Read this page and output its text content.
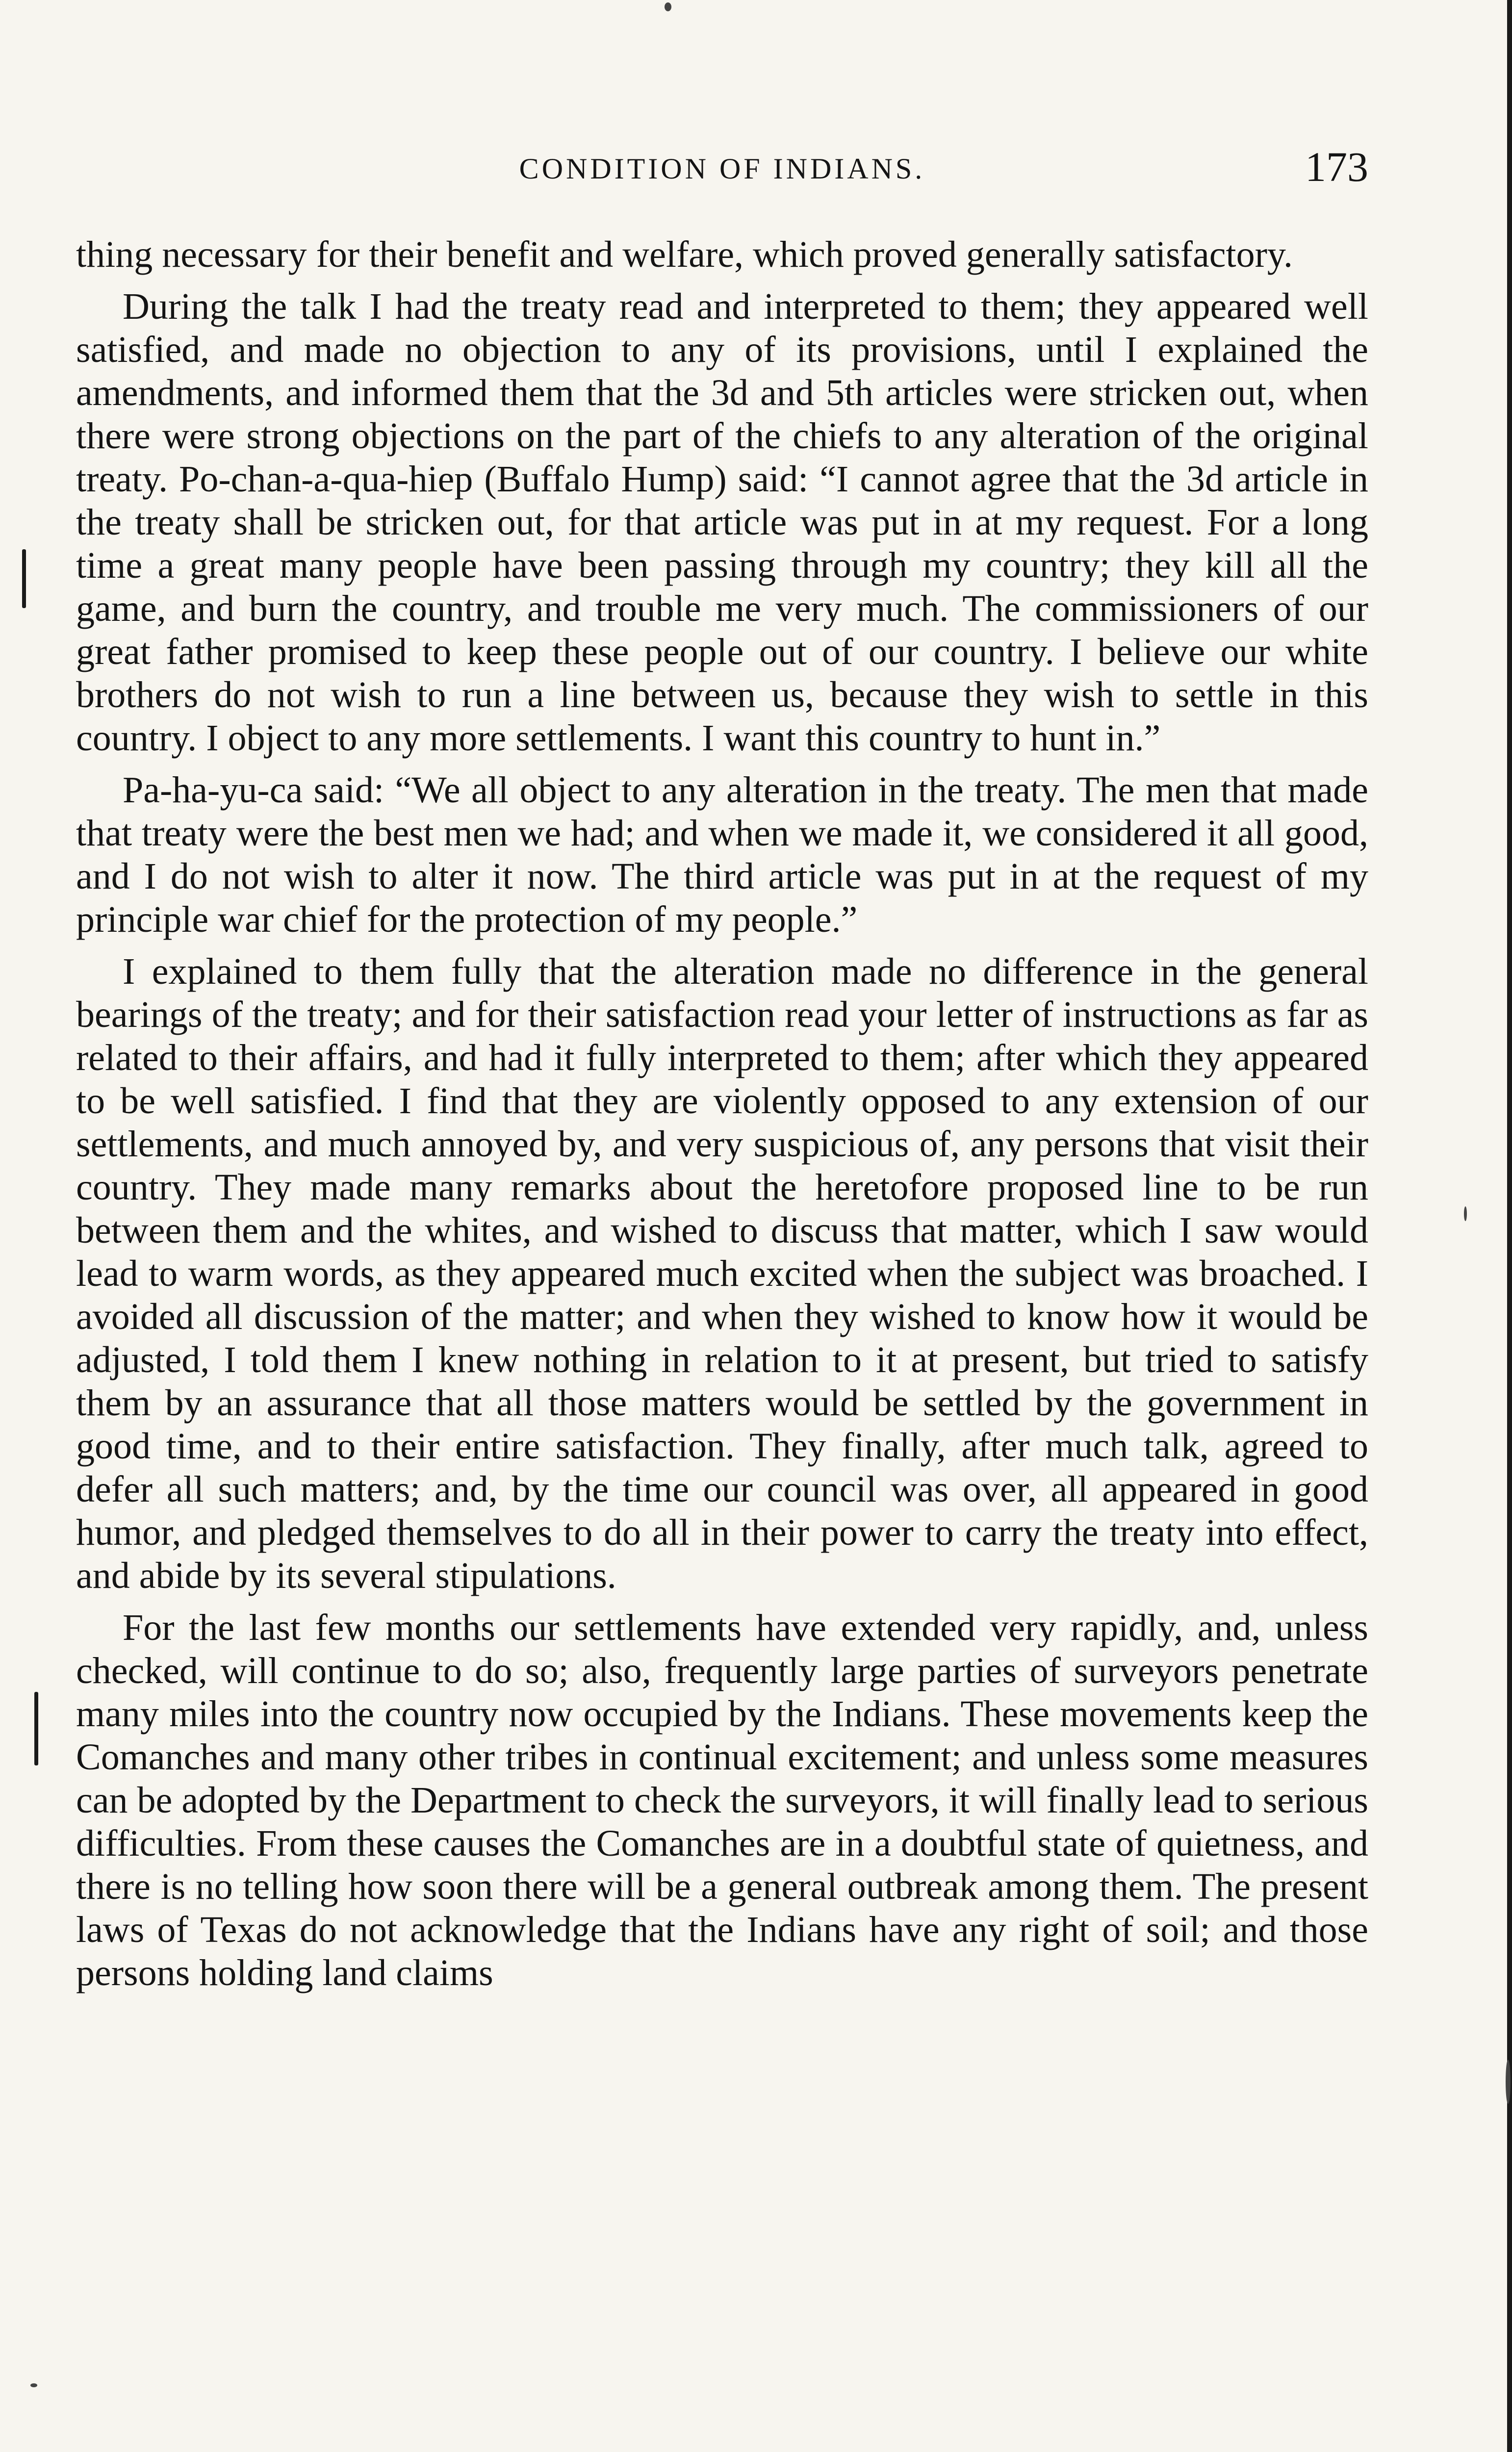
CONDITION OF INDIANS.	173

thing necessary for their benefit and welfare, which proved generally satisfactory.

During the talk I had the treaty read and interpreted to them; they appeared well satisfied, and made no objection to any of its provisions, until I explained the amendments, and informed them that the 3d and 5th articles were stricken out, when there were strong objections on the part of the chiefs to any alteration of the original treaty. Po-chan-a-qua-hiep (Buffalo Hump) said: “I cannot agree that the 3d article in the treaty shall be stricken out, for that article was put in at my request. For a long time a great many people have been passing through my country; they kill all the game, and burn the country, and trouble me very much. The commissioners of our great father promised to keep these people out of our country. I believe our white brothers do not wish to run a line between us, because they wish to settle in this country. I object to any more settlements. I want this country to hunt in.”

Pa-ha-yu-ca said: “We all object to any alteration in the treaty. The men that made that treaty were the best men we had; and when we made it, we considered it all good, and I do not wish to alter it now. The third article was put in at the request of my principle war chief for the protection of my people.”

I explained to them fully that the alteration made no difference in the general bearings of the treaty; and for their satisfaction read your letter of instructions as far as related to their affairs, and had it fully interpreted to them; after which they appeared to be well satisfied. I find that they are violently opposed to any extension of our settlements, and much annoyed by, and very suspicious of, any persons that visit their country. They made many remarks about the heretofore proposed line to be run between them and the whites, and wished to discuss that matter, which I saw would lead to warm words, as they appeared much excited when the subject was broached. I avoided all discussion of the matter; and when they wished to know how it would be adjusted, I told them I knew nothing in relation to it at present, but tried to satisfy them by an assurance that all those matters would be settled by the government in good time, and to their entire satisfaction. They finally, after much talk, agreed to defer all such matters; and, by the time our council was over, all appeared in good humor, and pledged themselves to do all in their power to carry the treaty into effect, and abide by its several stipulations.

For the last few months our settlements have extended very rapidly, and, unless checked, will continue to do so; also, frequently large parties of surveyors penetrate many miles into the country now occupied by the Indians. These movements keep the Comanches and many other tribes in continual excitement; and unless some measures can be adopted by the Department to check the surveyors, it will finally lead to serious difficulties. From these causes the Comanches are in a doubtful state of quietness, and there is no telling how soon there will be a general outbreak among them. The present laws of Texas do not acknowledge that the Indians have any right of soil; and those persons holding land claims
